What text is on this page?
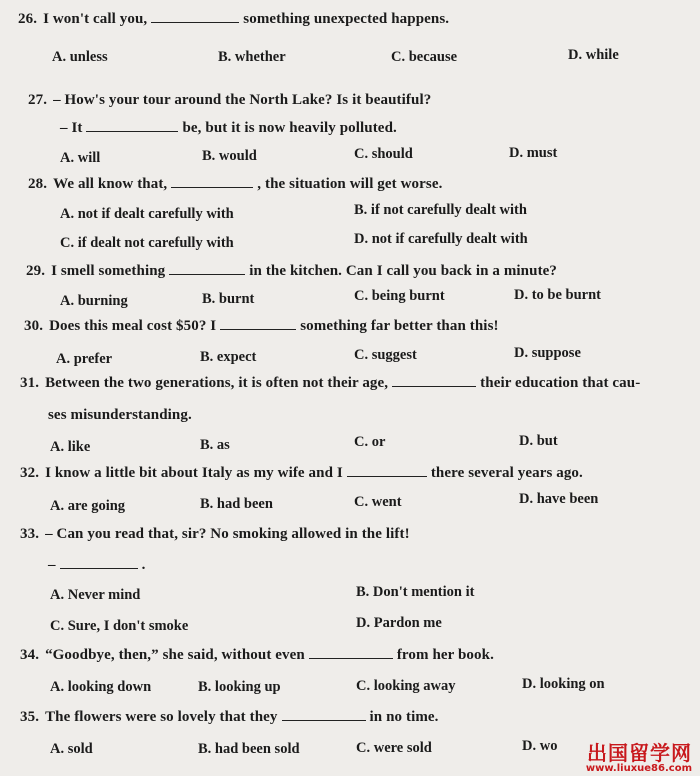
26. I won't call you,	something unexpected happens.
A. unless	B. whether	C. because	D. while
27. – How's your tour around the North Lake? Is it beautiful?
– It	be, but it is now heavily polluted.
A. will	B. would	C. should	D. must
28. We all know that,	, the situation will get worse.
A. not if dealt carefully with	B. if not carefully dealt with
C. if dealt not carefully with	D. not if carefully dealt with
29. I smell something	in the kitchen. Can I call you back in a minute?
A. burning	B. burnt	C. being burnt	D. to be burnt
30. Does this meal cost $50? I	something far better than this!
A. prefer	B. expect	C. suggest	D. suppose
31. Between the two generations, it is often not their age,	their education that cau-
ses misunderstanding.
A. like	B. as	C. or	D. but
32. I know a little bit about Italy as my wife and I	there several years ago.
A. are going	B. had been	C. went	D. have been
33. – Can you read that, sir? No smoking allowed in the lift!
–	.
A. Never mind	B. Don't mention it
C. Sure, I don't smoke	D. Pardon me
34. “Goodbye, then,” she said, without even	from her book.
A. looking down	B. looking up	C. looking away	D. looking on
35. The flowers were so lovely that they	in no time.
A. sold	B. had been sold	C. were sold	D. wo 出国留学网
www.liuxue86.com
